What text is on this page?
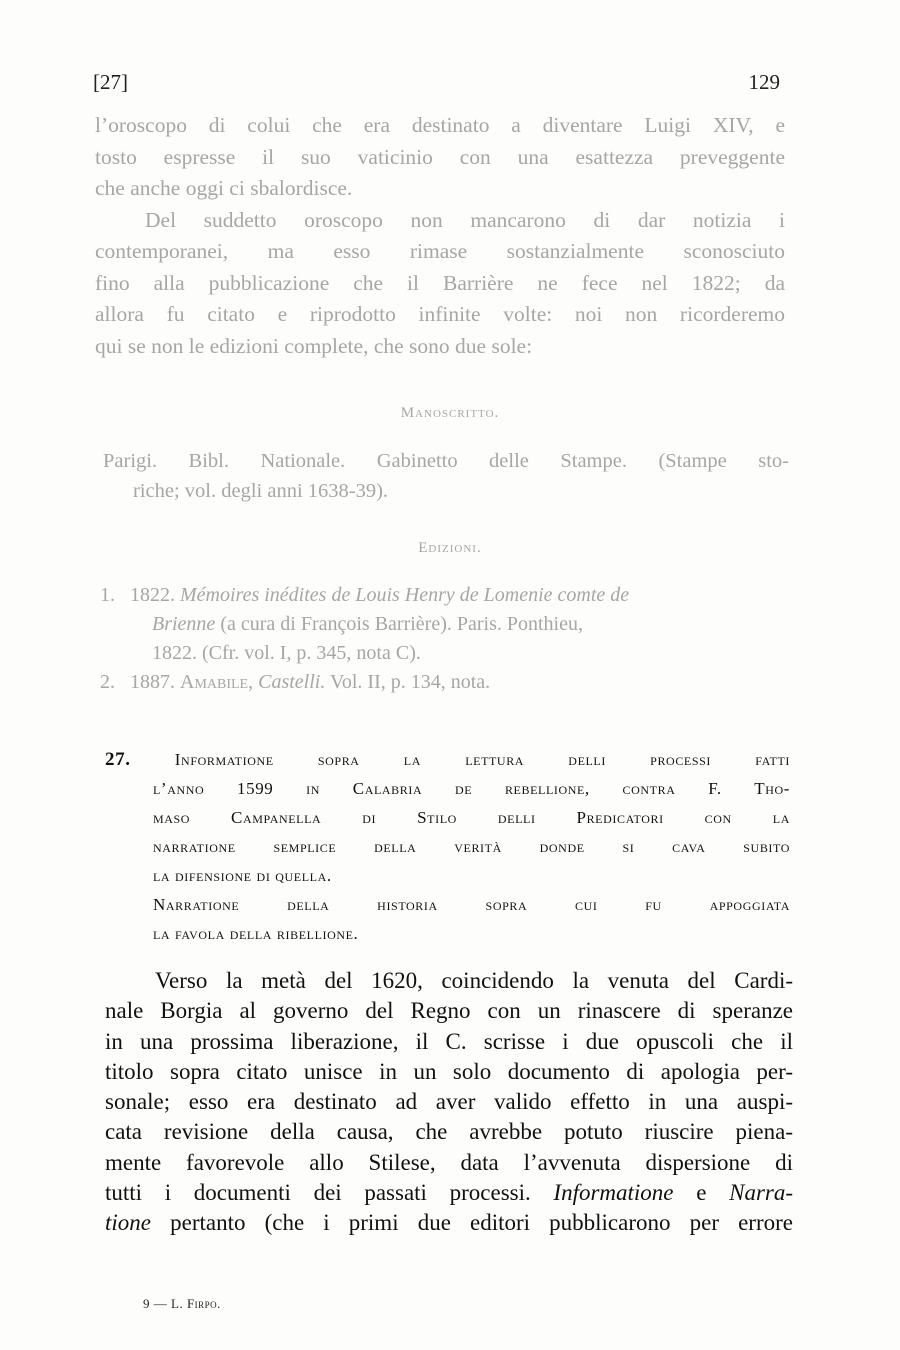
[27]	129
l’oroscopo di colui che era destinato a diventare Luigi XIV, e
tosto espresse il suo vaticinio con una esattezza preveggente
che anche oggi ci sbalordisce.
Del suddetto oroscopo non mancarono di dar notizia i
contemporanei, ma esso rimase sostanzialmente sconosciuto
fino alla pubblicazione che il Barrière ne fece nel 1822; da
allora fu citato e riprodotto infinite volte: noi non ricorderemo
qui se non le edizioni complete, che sono due sole:
Manoscritto.
Parigi. Bibl. Nationale. Gabinetto delle Stampe. (Stampe sto-
riche; vol. degli anni 1638-39).
Edizioni.
1. 1822. Mémoires inédites de Louis Henry de Lomenie comte de
Brienne (a cura di François Barrière). Paris. Ponthieu,
1822. (Cfr. vol. I, p. 345, nota C).
2. 1887. Amabile, Castelli. Vol. II, p. 134, nota.
27.	Informatione sopra la lettura delli processi fatti
l’anno 1599 in Calabria de rebellione, contra F. Tho-
maso Campanella di Stilo delli Predicatori con la
narratione semplice della verità donde si cava subito
la difensione di quella.
Narratione della historia sopra cui fu appoggiata
la favola della ribellione.
Verso la metà del 1620, coincidendo la venuta del Cardi-
nale Borgia al governo del Regno con un rinascere di speranze
in una prossima liberazione, il C. scrisse i due opuscoli che il
titolo sopra citato unisce in un solo documento di apologia per-
sonale; esso era destinato ad aver valido effetto in una auspi-
cata revisione della causa, che avrebbe potuto riuscire piena-
mente favorevole allo Stilese, data l’avvenuta dispersione di
tutti i documenti dei passati processi. Informatione e Narra-
tione pertanto (che i primi due editori pubblicarono per errore
9 — L. Firpo.
